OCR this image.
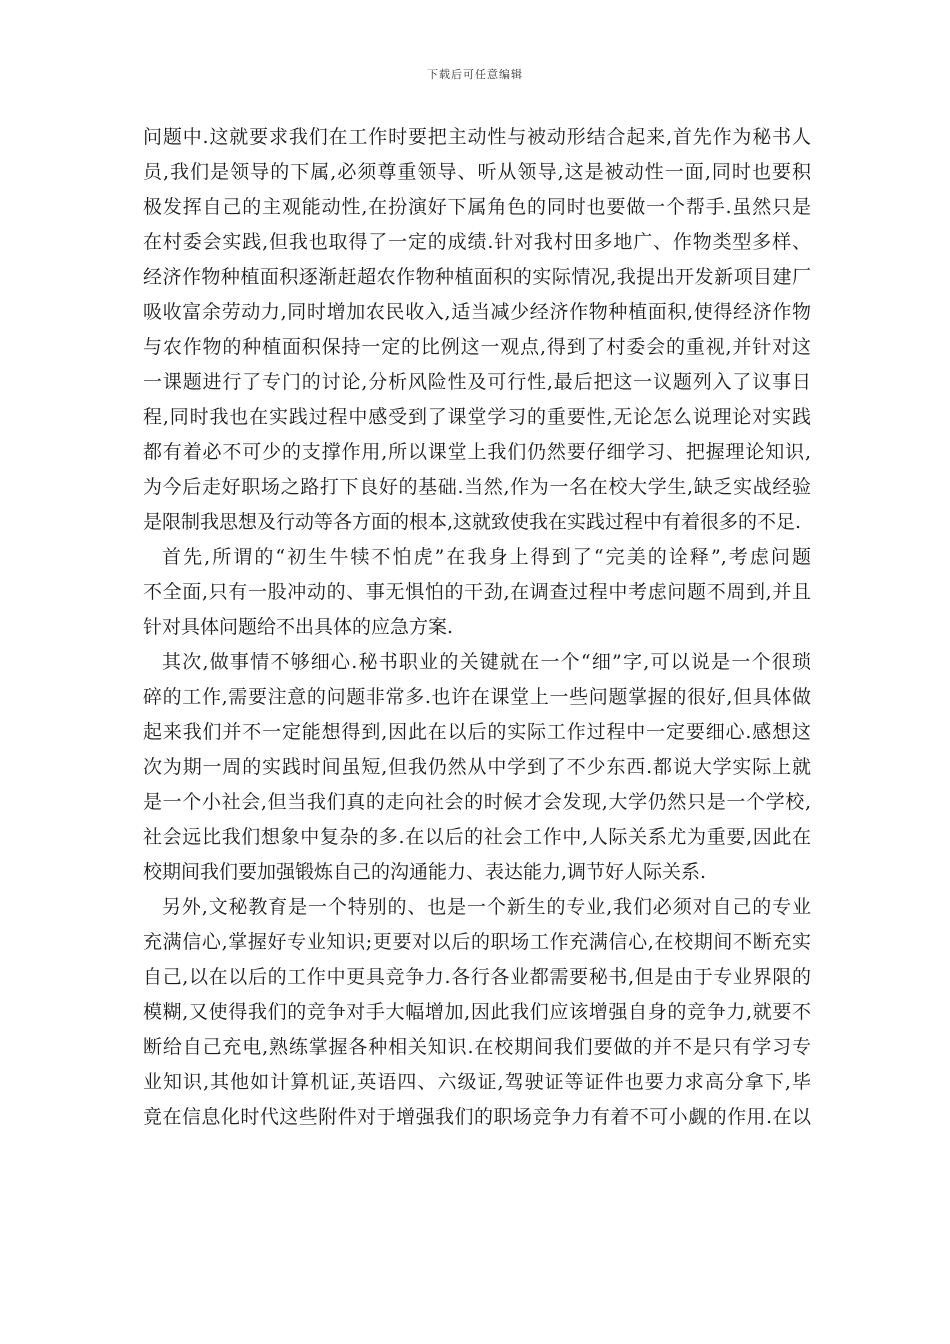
下载后可任意编辑
问题中.这就要求我们在工作时要把主动性与被动形结合起来,首先作为秘书人
员,我们是领导的下属,必须尊重领导、听从领导,这是被动性一面,同时也要积
极发挥自己的主观能动性,在扮演好下属角色的同时也要做一个帮手.虽然只是
在村委会实践,但我也取得了一定的成绩.针对我村田多地广、作物类型多样、
经济作物种植面积逐渐赶超农作物种植面积的实际情况,我提出开发新项目建厂
吸收富余劳动力,同时增加农民收入,适当减少经济作物种植面积,使得经济作物
与农作物的种植面积保持一定的比例这一观点,得到了村委会的重视,并针对这
一课题进行了专门的讨论,分析风险性及可行性,最后把这一议题列入了议事日
程,同时我也在实践过程中感受到了课堂学习的重要性,无论怎么说理论对实践
都有着必不可少的支撑作用,所以课堂上我们仍然要仔细学习、把握理论知识,
为今后走好职场之路打下良好的基础.当然,作为一名在校大学生,缺乏实战经验
是限制我思想及行动等各方面的根本,这就致使我在实践过程中有着很多的不足.
首先,所谓的“初生牛犊不怕虎”在我身上得到了“完美的诠释”,考虑问题
不全面,只有一股冲动的、事无惧怕的干劲,在调查过程中考虑问题不周到,并且
针对具体问题给不出具体的应急方案.
其次,做事情不够细心.秘书职业的关键就在一个“细”字,可以说是一个很琐
碎的工作,需要注意的问题非常多.也许在课堂上一些问题掌握的很好,但具体做
起来我们并不一定能想得到,因此在以后的实际工作过程中一定要细心.感想这
次为期一周的实践时间虽短,但我仍然从中学到了不少东西.都说大学实际上就
是一个小社会,但当我们真的走向社会的时候才会发现,大学仍然只是一个学校,
社会远比我们想象中复杂的多.在以后的社会工作中,人际关系尤为重要,因此在
校期间我们要加强锻炼自己的沟通能力、表达能力,调节好人际关系.
另外,文秘教育是一个特别的、也是一个新生的专业,我们必须对自己的专业
充满信心,掌握好专业知识;更要对以后的职场工作充满信心,在校期间不断充实
自己,以在以后的工作中更具竞争力.各行各业都需要秘书,但是由于专业界限的
模糊,又使得我们的竞争对手大幅增加,因此我们应该增强自身的竞争力,就要不
断给自己充电,熟练掌握各种相关知识.在校期间我们要做的并不是只有学习专
业知识,其他如计算机证,英语四、六级证,驾驶证等证件也要力求高分拿下,毕
竟在信息化时代这些附件对于增强我们的职场竞争力有着不可小觑的作用.在以
